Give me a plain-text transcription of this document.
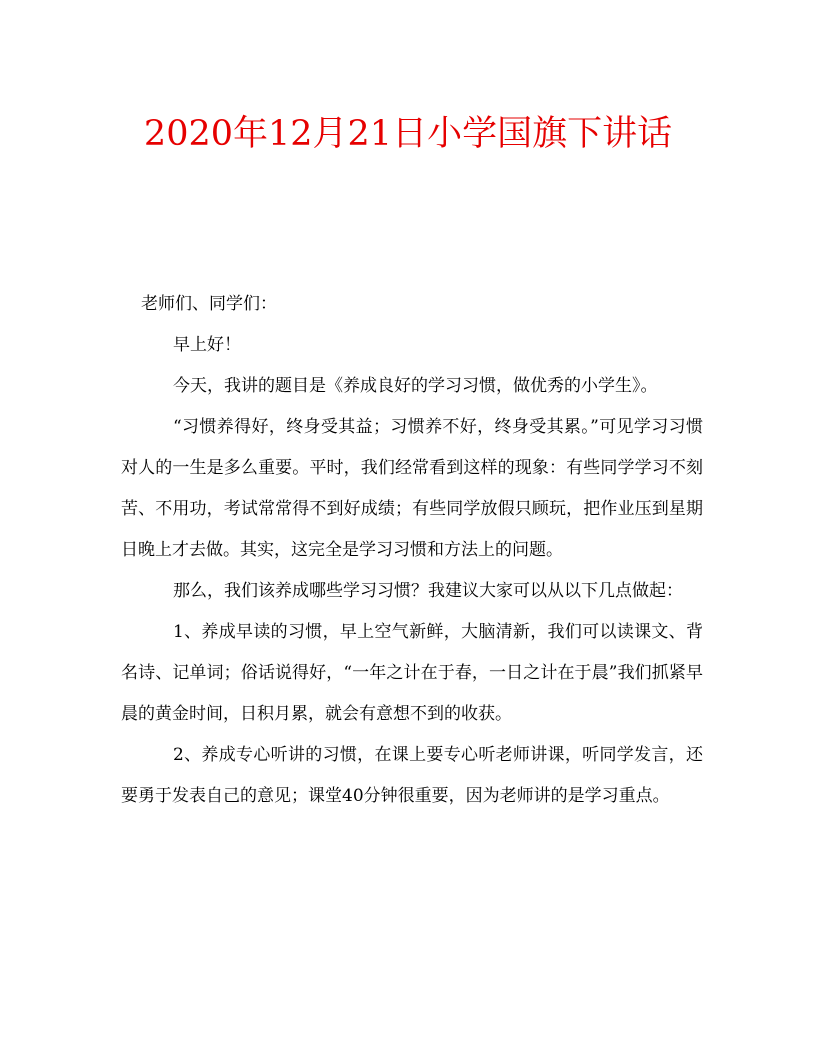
2020年12月21日小学国旗下讲话

老师们、同学们：

早上好！

今天，我讲的题目是《养成良好的学习习惯，做优秀的小学生》。

“习惯养得好，终身受其益；习惯养不好，终身受其累。”可见学习习惯对人的一生是多么重要。平时，我们经常看到这样的现象：有些同学学习不刻苦、不用功，考试常常得不到好成绩；有些同学放假只顾玩，把作业压到星期日晚上才去做。其实，这完全是学习习惯和方法上的问题。

那么，我们该养成哪些学习习惯？我建议大家可以从以下几点做起：

1、养成早读的习惯，早上空气新鲜，大脑清新，我们可以读课文、背名诗、记单词；俗话说得好，“一年之计在于春，一日之计在于晨”我们抓紧早晨的黄金时间，日积月累，就会有意想不到的收获。

2、养成专心听讲的习惯，在课上要专心听老师讲课，听同学发言，还要勇于发表自己的意见；课堂40分钟很重要，因为老师讲的是学习重点。
